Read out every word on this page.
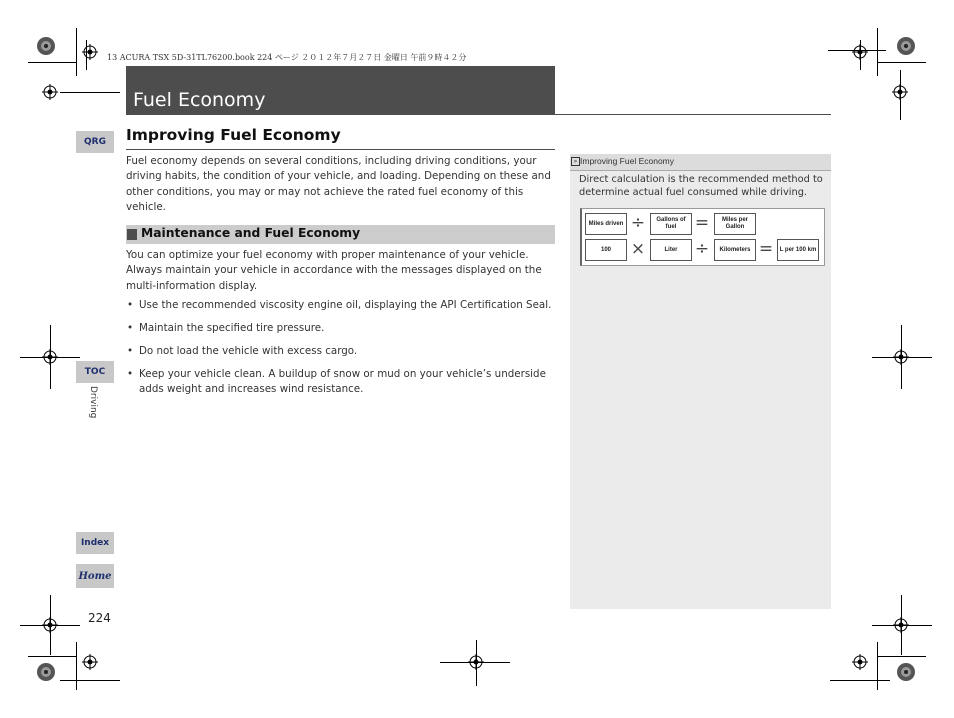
13 ACURA TSX 5D-31TL76200.book 224 ページ ２０１２年７月２７日 金曜日 午前９時４２分
Fuel Economy
QRG
TOC
Driving
Index
Home
224
Improving Fuel Economy
Fuel economy depends on several conditions, including driving conditions, your driving habits, the condition of your vehicle, and loading. Depending on these and other conditions, you may or may not achieve the rated fuel economy of this vehicle.
Maintenance and Fuel Economy
You can optimize your fuel economy with proper maintenance of your vehicle. Always maintain your vehicle in accordance with the messages displayed on the multi-information display.
• Use the recommended viscosity engine oil, displaying the API Certification Seal.
• Maintain the specified tire pressure.
• Do not load the vehicle with excess cargo.
• Keep your vehicle clean. A buildup of snow or mud on your vehicle’s underside adds weight and increases wind resistance.
» Improving Fuel Economy
Direct calculation is the recommended method to determine actual fuel consumed while driving.
Miles driven ÷	Gallons of fuel	=	Miles per Gallon
100	×	Liter	÷	Kilometers =	L per 100 km
